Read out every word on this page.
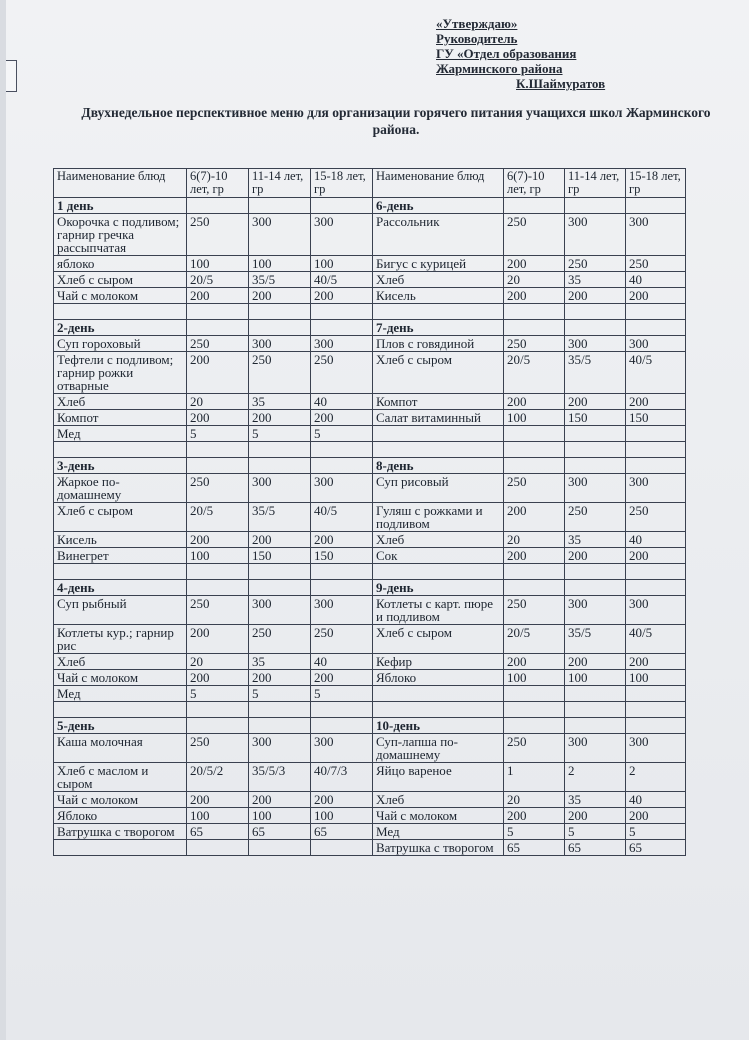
«Утверждаю»
Руководитель
ГУ «Отдел образования
Жарминского района
К.Шаймуратов
Двухнедельное перспективное меню для организации горячего питания учащихся школ Жарминского района.
Наименование блюд	6(7)-10 лет, гр	11-14 лет, гр	15-18 лет, гр	Наименование блюд	6(7)-10 лет, гр	11-14 лет, гр	15-18 лет, гр
1 день				6-день			
Окорочка с подливом; гарнир гречка рассыпчатая	250	300	300	Рассольник	250	300	300
яблоко	100	100	100	Бигус с курицей	200	250	250
Хлеб с сыром	20/5	35/5	40/5	Хлеб	20	35	40
Чай с молоком	200	200	200	Кисель	200	200	200

2-день				7-день			
Суп гороховый	250	300	300	Плов с говядиной	250	300	300
Тефтели с подливом; гарнир рожки отварные	200	250	250	Хлеб с сыром	20/5	35/5	40/5
Хлеб	20	35	40	Компот	200	200	200
Компот	200	200	200	Салат витаминный	100	150	150
Мед	5	5	5				

3-день				8-день			
Жаркое по-домашнему	250	300	300	Суп рисовый	250	300	300
Хлеб с сыром	20/5	35/5	40/5	Гуляш с рожками и подливом	200	250	250
Кисель	200	200	200	Хлеб	20	35	40
Винегрет	100	150	150	Сок	200	200	200

4-день				9-день			
Суп рыбный	250	300	300	Котлеты с карт. пюре и подливом	250	300	300
Котлеты кур.; гарнир рис	200	250	250	Хлеб с сыром	20/5	35/5	40/5
Хлеб	20	35	40	Кефир	200	200	200
Чай с молоком	200	200	200	Яблоко	100	100	100
Мед	5	5	5				

5-день				10-день			
Каша молочная	250	300	300	Суп-лапша по-домашнему	250	300	300
Хлеб с маслом и сыром	20/5/2	35/5/3	40/7/3	Яйцо вареное	1	2	2
Чай с молоком	200	200	200	Хлеб	20	35	40
Яблоко	100	100	100	Чай с молоком	200	200	200
Ватрушка с творогом	65	65	65	Мед	5	5	5
				Ватрушка с творогом	65	65	65
